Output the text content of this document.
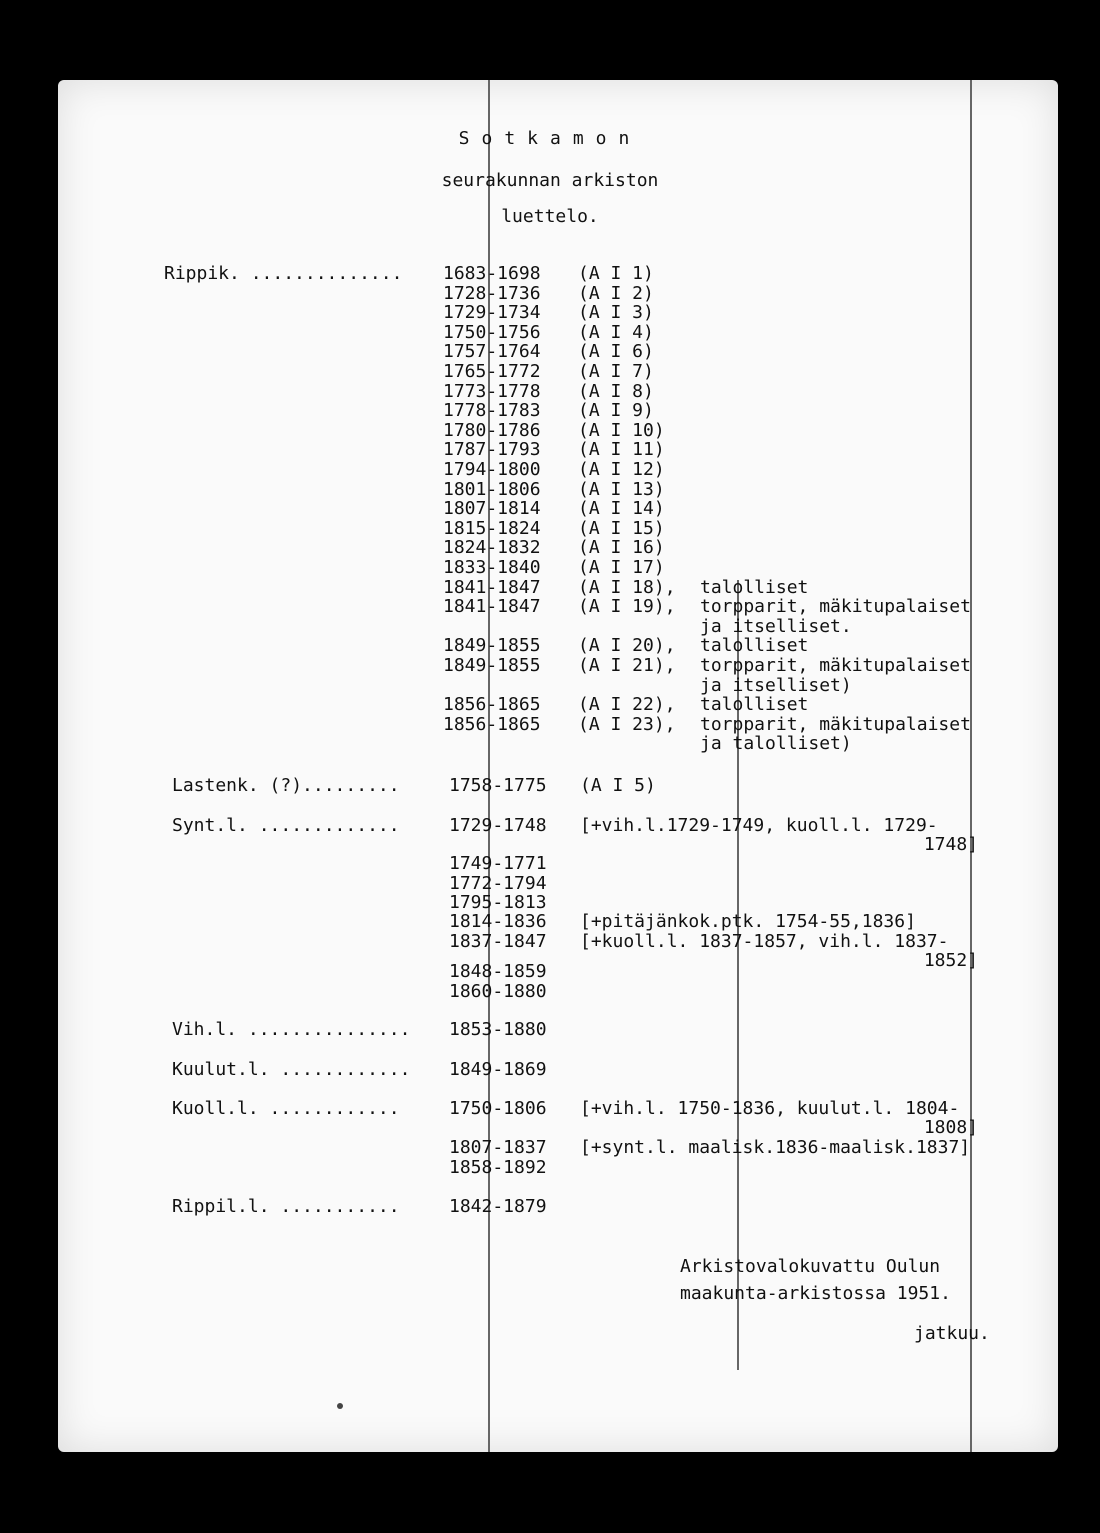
Sotkamon
seurakunnan arkiston
luettelo.
Rippik. .............. 1683-1698 (A I 1)
1728-1736 (A I 2)
1729-1734 (A I 3)
1750-1756 (A I 4)
1757-1764 (A I 6)
1765-1772 (A I 7)
1773-1778 (A I 8)
1778-1783 (A I 9)
1780-1786 (A I 10)
1787-1793 (A I 11)
1794-1800 (A I 12)
1801-1806 (A I 13)
1807-1814 (A I 14)
1815-1824 (A I 15)
1824-1832 (A I 16)
1833-1840 (A I 17)
1841-1847 (A I 18), talolliset
1841-1847 (A I 19), torpparit, mäkitupalaiset
ja itselliset.
1849-1855 (A I 20), talolliset
1849-1855 (A I 21), torpparit, mäkitupalaiset
ja itselliset)
1856-1865 (A I 22), talolliset
1856-1865 (A I 23), torpparit, mäkitupalaiset
ja talolliset)
Lastenk. (?).........	1758-1775 (A I 5)
Synt.l. .............	1729-1748 [+vih.l.1729-1749, kuoll.l. 1729-
1748]
1749-1771
1772-1794
1795-1813
1814-1836 [+pitäjänkok.ptk. 1754-55,1836]
1837-1847 [+kuoll.l. 1837-1857, vih.l. 1837-
1852]
1848-1859
1860-1880
Vih.l. ............... 1853-1880
Kuulut.l. ............ 1849-1869
Kuoll.l. ............	1750-1806 [+vih.l. 1750-1836, kuulut.l. 1804-
1808]
1807-1837 [+synt.l. maalisk.1836-maalisk.1837]
1858-1892
Rippil.l. ...........	1842-1879
Arkistovalokuvattu Oulun
maakunta-arkistossa 1951.
jatkuu.
